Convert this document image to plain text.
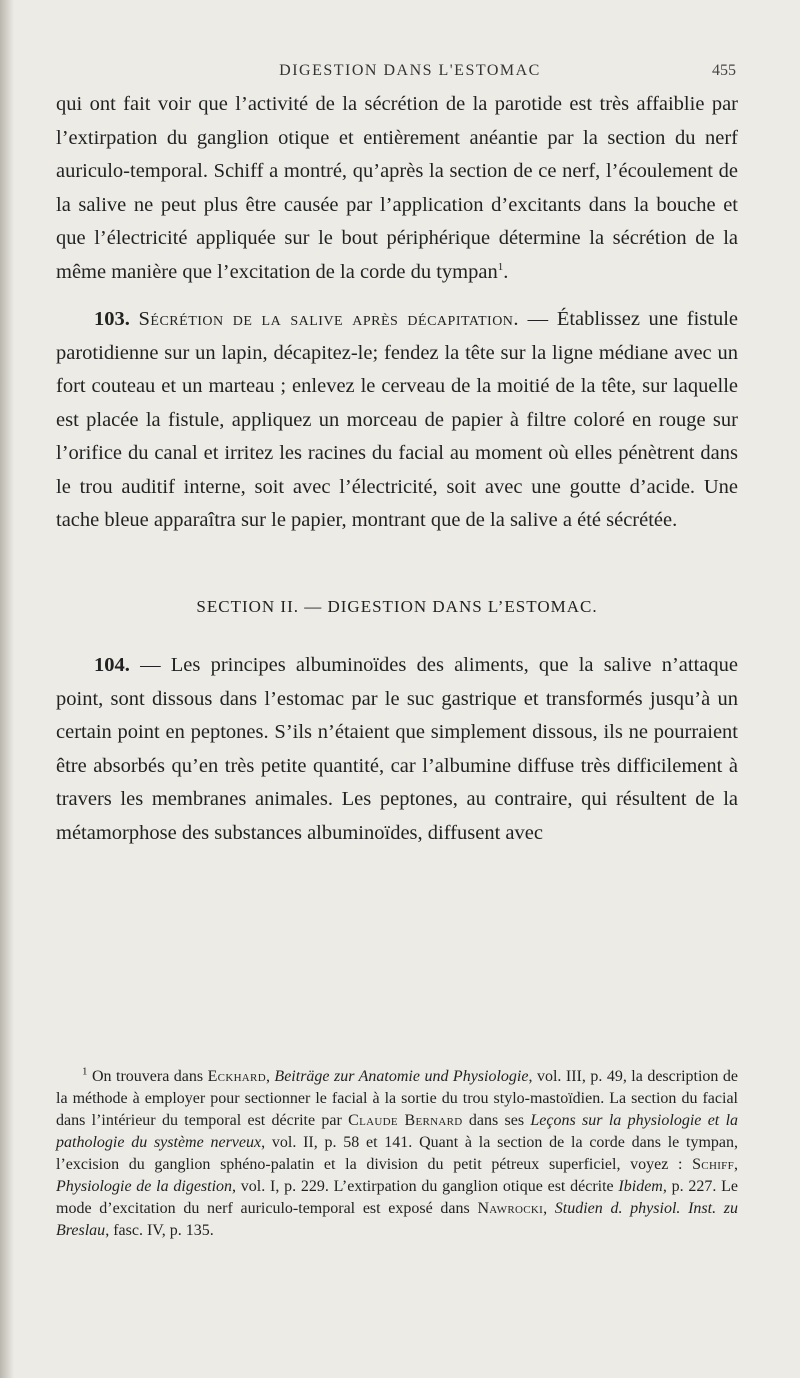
DIGESTION DANS L'ESTOMAC	455

qui ont fait voir que l’activité de la sécrétion de la parotide est très affaiblie par l’extirpation du ganglion otique et entièrement anéantie par la section du nerf auriculo-temporal. Schiff a montré, qu’après la section de ce nerf, l’écoulement de la salive ne peut plus être causée par l’application d’excitants dans la bouche et que l’électricité appliquée sur le bout périphérique détermine la sécrétion de la même manière que l’excitation de la corde du tympan$^1$.

103. Sécrétion de la salive après décapitation. — Établissez une fistule parotidienne sur un lapin, décapitez-le; fendez la tête sur la ligne médiane avec un fort couteau et un marteau ; enlevez le cerveau de la moitié de la tête, sur laquelle est placée la fistule, appliquez un morceau de papier à filtre coloré en rouge sur l’orifice du canal et irritez les racines du facial au moment où elles pénètrent dans le trou auditif interne, soit avec l’électricité, soit avec une goutte d’acide. Une tache bleue apparaîtra sur le papier, montrant que de la salive a été sécrétée.

SECTION II. — DIGESTION DANS L’ESTOMAC.

104. — Les principes albuminoïdes des aliments, que la salive n’attaque point, sont dissous dans l’estomac par le suc gastrique et transformés jusqu’à un certain point en peptones. S’ils n’étaient que simplement dissous, ils ne pourraient être absorbés qu’en très petite quantité, car l’albumine diffuse très difficilement à travers les membranes animales. Les peptones, au contraire, qui résultent de la métamorphose des substances albuminoïdes, diffusent avec

$^1$ On trouvera dans Eckhard, Beiträge zur Anatomie und Physiologie, vol. III, p. 49, la description de la méthode à employer pour sectionner le facial à la sortie du trou stylo-mastoïdien. La section du facial dans l’intérieur du temporal est décrite par Claude Bernard dans ses Leçons sur la physiologie et la pathologie du système nerveux, vol. II, p. 58 et 141. Quant à la section de la corde dans le tympan, l’excision du ganglion sphéno-palatin et la division du petit pétreux superficiel, voyez : Schiff, Physiologie de la digestion, vol. I, p. 229. L’extirpation du ganglion otique est décrite Ibidem, p. 227. Le mode d’excitation du nerf auriculo-temporal est exposé dans Nawrocki, Studien d. physiol. Inst. zu Breslau, fasc. IV, p. 135.
